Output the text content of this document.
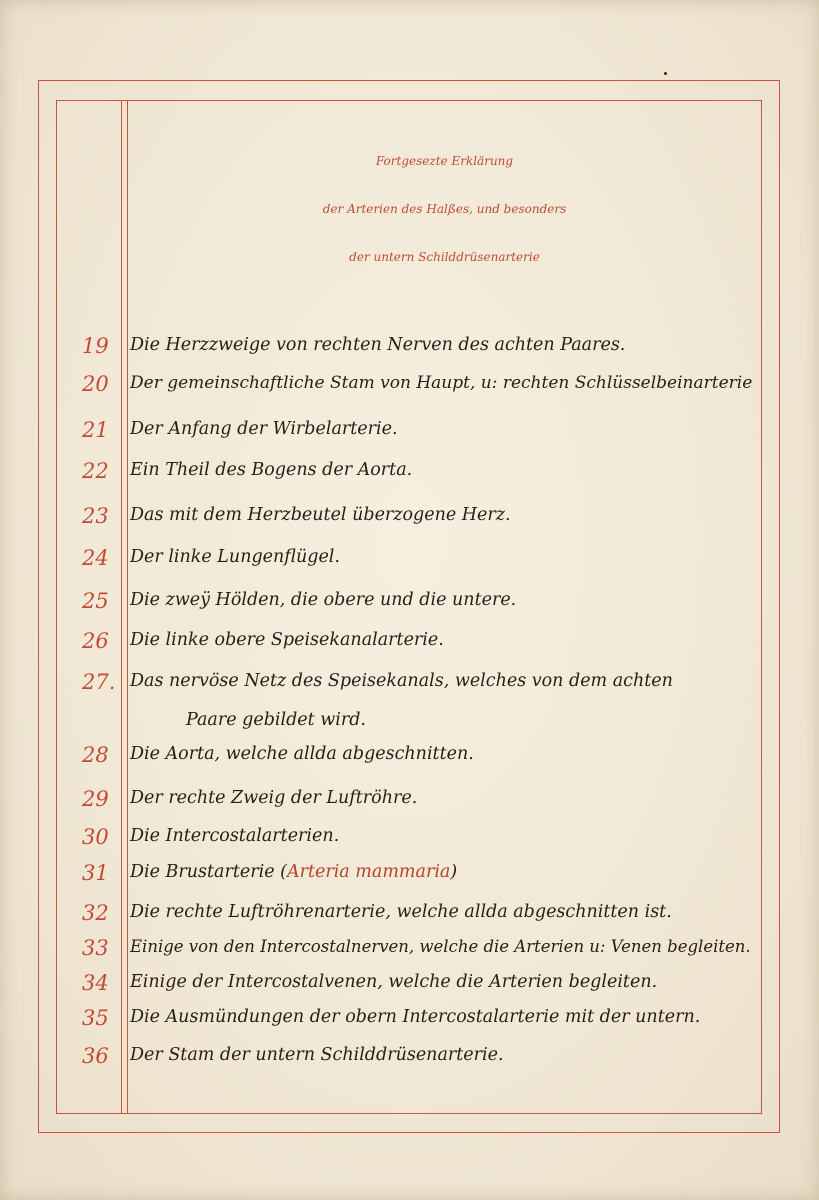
Fortgesezte Erklärung
der Arterien des Halßes, und besonders
der untern Schilddrüsenarterie
19	Die Herzzweige von rechten Nerven des achten Paares.
20	Der gemeinschaftliche Stam von Haupt, u: rechten Schlüsselbeinarterie
21	Der Anfang der Wirbelarterie.
22	Ein Theil des Bogens der Aorta.
23	Das mit dem Herzbeutel überzogene Herz.
24	Der linke Lungenflügel.
25	Die zweÿ Hölden, die obere und die untere.
26	Die linke obere Speisekanalarterie.
27. Das nervöse Netz des Speisekanals, welches von dem achten
Paare gebildet wird.
28	Die Aorta, welche allda abgeschnitten.
29	Der rechte Zweig der Luftröhre.
30	Die Intercostalarterien.
31	Die Brustarterie (Arteria mammaria)
32	Die rechte Luftröhrenarterie, welche allda abgeschnitten ist.
33	Einige von den Intercostalnerven, welche die Arterien u: Venen begleiten.
34	Einige der Intercostalvenen, welche die Arterien begleiten.
35	Die Ausmündungen der obern Intercostalarterie mit der untern.
36	Der Stam der untern Schilddrüsenarterie.
